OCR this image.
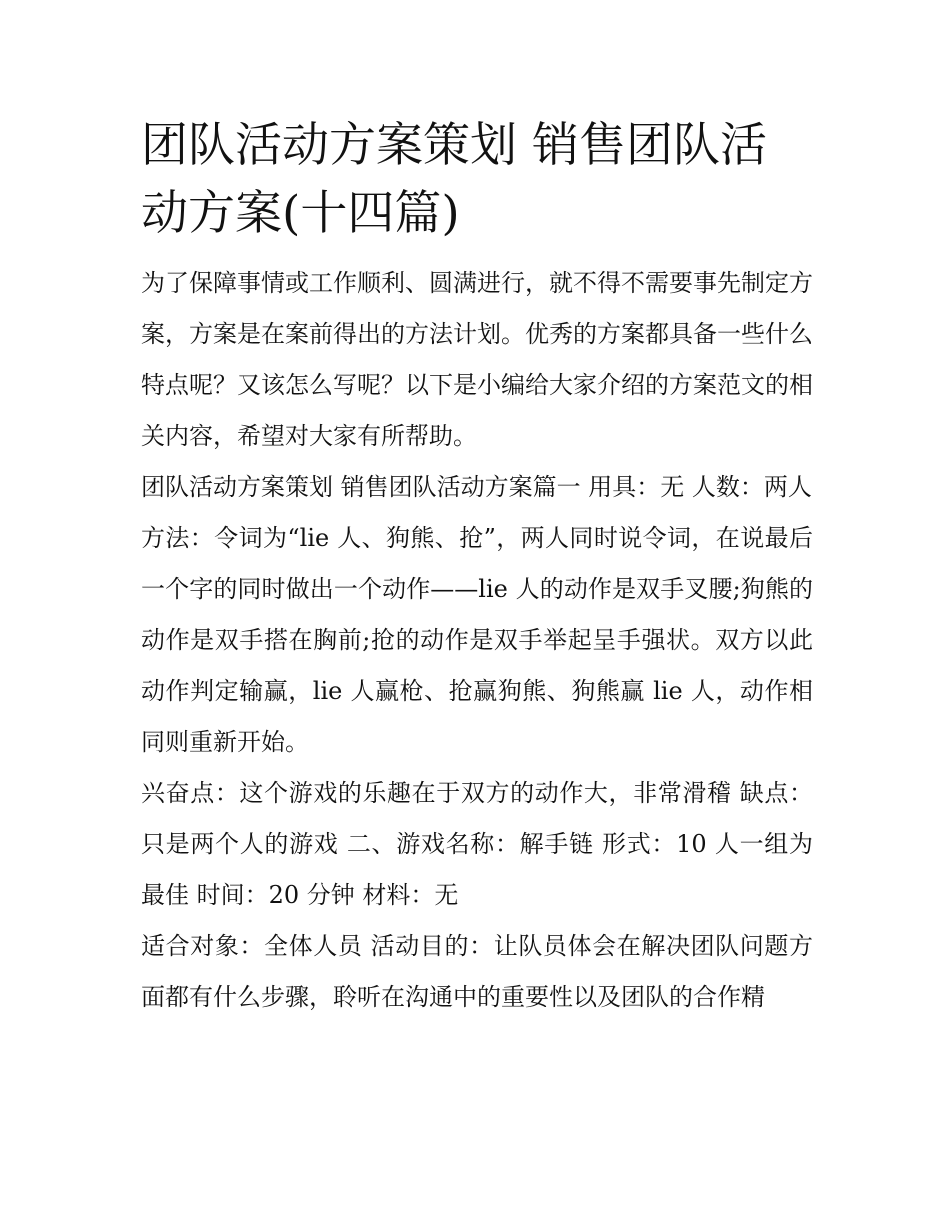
团队活动方案策划 销售团队活动方案(十四篇)

为了保障事情或工作顺利、圆满进行，就不得不需要事先制定方案，方案是在案前得出的方法计划。优秀的方案都具备一些什么特点呢？又该怎么写呢？以下是小编给大家介绍的方案范文的相关内容，希望对大家有所帮助。

团队活动方案策划 销售团队活动方案篇一 用具：无 人数：两人

方法：令词为“lie 人、狗熊、抢”，两人同时说令词，在说最后一个字的同时做出一个动作——lie 人的动作是双手叉腰;狗熊的动作是双手搭在胸前;抢的动作是双手举起呈手强状。双方以此动作判定输赢，lie 人赢枪、抢赢狗熊、狗熊赢 lie 人，动作相同则重新开始。

兴奋点：这个游戏的乐趣在于双方的动作大，非常滑稽 缺点：只是两个人的游戏 二、游戏名称：解手链 形式：10 人一组为最佳 时间：20 分钟 材料：无

适合对象：全体人员 活动目的：让队员体会在解决团队问题方面都有什么步骤，聆听在沟通中的重要性以及团队的合作精
